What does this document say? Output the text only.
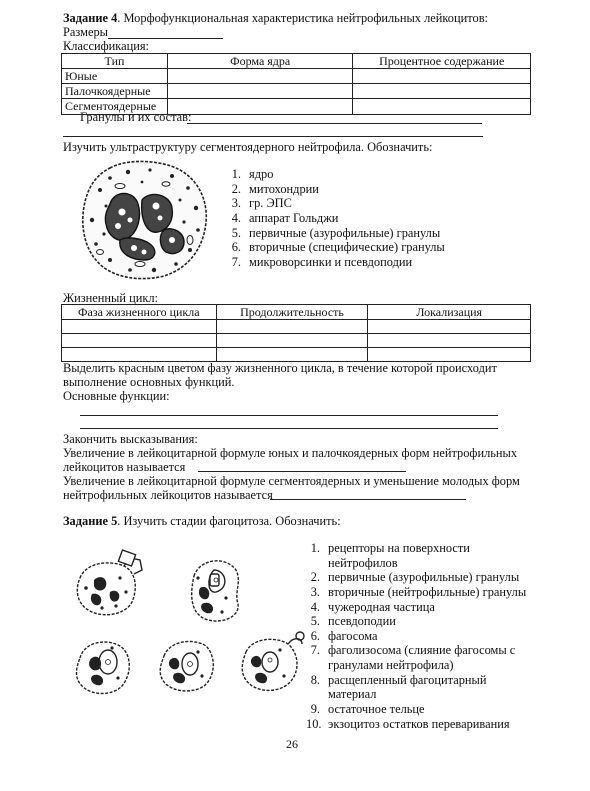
Задание 4. Морфофункциональная характеристика нейтрофильных лейкоцитов:
Размеры
Классификация:
Тип	Форма ядра	Процентное содержание
Юные		
Палочкоядерные		
Сегментоядерные		
Гранулы и их состав:
Изучить ультраструктуру сегментоядерного нейтрофила. Обозначить:
1. ядро
2. митохондрии
3. гр. ЭПС
4. аппарат Гольджи
5. первичные (азурофильные) гранулы
6. вторичные (специфические) гранулы
7. микроворсинки и псевдоподии
Жизненный цикл:
Фаза жизненного цикла	Продолжительность	Локализация

Выделить красным цветом фазу жизненного цикла, в течение которой происходит
выполнение основных функций.
Основные функции:
Закончить высказывания:
Увеличение в лейкоцитарной формуле юных и палочкоядерных форм нейтрофильных
лейкоцитов называется
Увеличение в лейкоцитарной формуле сегментоядерных и уменьшение молодых форм
нейтрофильных лейкоцитов называется
Задание 5. Изучить стадии фагоцитоза. Обозначить:
1. рецепторы на поверхности
нейтрофилов
2. первичные (азурофильные) гранулы
3. вторичные (нейтрофильные) гранулы
4. чужеродная частица
5. псевдоподии
6. фагосома
7. фаголизосома (слияние фагосомы с
гранулами нейтрофила)
8. расщепленный фагоцитарный
материал
9. остаточное тельце
10. экзоцитоз остатков переваривания
26
